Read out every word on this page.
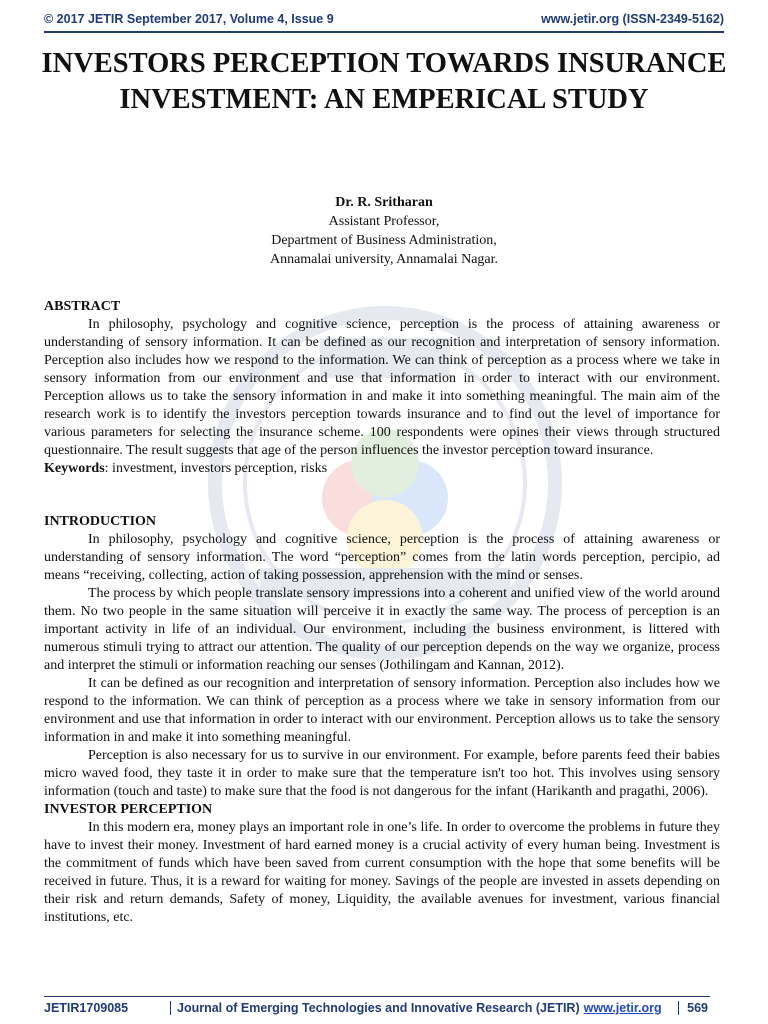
© 2017 JETIR September 2017, Volume 4, Issue 9	www.jetir.org (ISSN-2349-5162)
INVESTORS PERCEPTION TOWARDS INSURANCE INVESTMENT: AN EMPERICAL STUDY
Dr. R. Sritharan
Assistant Professor,
Department of Business Administration,
Annamalai university, Annamalai Nagar.

ABSTRACT

In philosophy, psychology and cognitive science, perception is the process of attaining awareness or understanding of sensory information. It can be defined as our recognition and interpretation of sensory information. Perception also includes how we respond to the information. We can think of perception as a process where we take in sensory information from our environment and use that information in order to interact with our environment. Perception allows us to take the sensory information in and make it into something meaningful. The main aim of the research work is to identify the investors perception towards insurance and to find out the level of importance for various parameters for selecting the insurance scheme. 100 respondents were opines their views through structured questionnaire. The result suggests that age of the person influences the investor perception toward insurance.

Keywords: investment, investors perception, risks

INTRODUCTION

In philosophy, psychology and cognitive science, perception is the process of attaining awareness or understanding of sensory information. The word “perception” comes from the latin words perception, percipio, ad means “receiving, collecting, action of taking possession, apprehension with the mind or senses.

The process by which people translate sensory impressions into a coherent and unified view of the world around them. No two people in the same situation will perceive it in exactly the same way. The process of perception is an important activity in life of an individual. Our environment, including the business environment, is littered with numerous stimuli trying to attract our attention. The quality of our perception depends on the way we organize, process and interpret the stimuli or information reaching our senses (Jothilingam and Kannan, 2012).

It can be defined as our recognition and interpretation of sensory information. Perception also includes how we respond to the information. We can think of perception as a process where we take in sensory information from our environment and use that information in order to interact with our environment. Perception allows us to take the sensory information in and make it into something meaningful.

Perception is also necessary for us to survive in our environment. For example, before parents feed their babies micro waved food, they taste it in order to make sure that the temperature isn't too hot. This involves using sensory information (touch and taste) to make sure that the food is not dangerous for the infant (Harikanth and pragathi, 2006).

INVESTOR PERCEPTION

In this modern era, money plays an important role in one’s life. In order to overcome the problems in future they have to invest their money. Investment of hard earned money is a crucial activity of every human being. Investment is the commitment of funds which have been saved from current consumption with the hope that some benefits will be received in future. Thus, it is a reward for waiting for money. Savings of the people are invested in assets depending on their risk and return demands, Safety of money, Liquidity, the available avenues for investment, various financial institutions, etc.

JETIR1709085	Journal of Emerging Technologies and Innovative Research (JETIR) www.jetir.org	569
